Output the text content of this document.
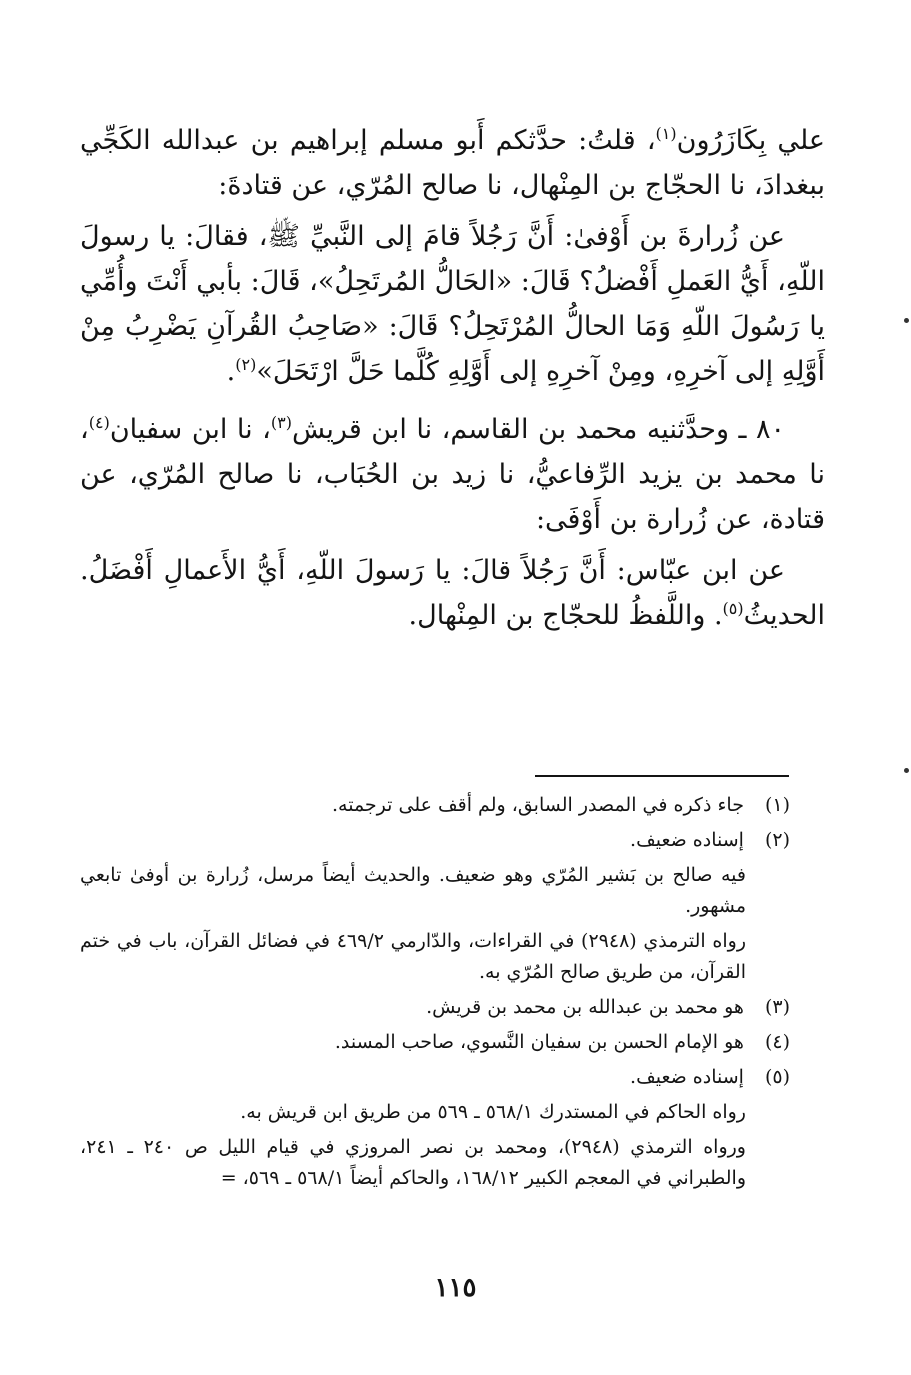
علي بِكَازَرُون$^{(١)}$، قلتُ: حدَّثكم أَبو مسلم إبراهيم بن عبدالله الكَجِّي ببغدادَ، نا الحجّاج بن المِنْهال، نا صالح المُرّي، عن قتادةَ:

عن زُرارةَ بن أَوْفىٰ: أَنَّ رَجُلاً قامَ إلى النَّبيِّ ﷺ، فقالَ: يا رسولَ اللّهِ، أَيُّ العَملِ أَفْضلُ؟ قَالَ: «الحَالُّ المُرتَحِلُ»، قَالَ: بأبي أَنْتَ وأُمِّي يا رَسُولَ اللّهِ وَمَا الحالُّ المُرْتَحِلُ؟ قَالَ: «صَاحِبُ القُرآنِ يَضْرِبُ مِنْ أَوَّلِهِ إلى آخرِهِ، ومِنْ آخرِهِ إلى أَوَّلِهِ كُلَّما حَلَّ ارْتَحَلَ»$^{(٢)}$.

٨٠ ـ وحدَّثنيه محمد بن القاسم، نا ابن قريش$^{(٣)}$، نا ابن سفيان$^{(٤)}$، نا محمد بن يزيد الرِّفاعيُّ، نا زيد بن الحُبَاب، نا صالح المُرّي، عن قتادة، عن زُرارة بن أَوْفَى:

عن ابن عبّاس: أَنَّ رَجُلاً قالَ: يا رَسولَ اللّهِ، أَيُّ الأَعمالِ أَفْضَلُ. الحديثُ$^{(٥)}$. واللَّفظُ للحجّاج بن المِنْهال.

(١) جاء ذكره في المصدر السابق، ولم أقف على ترجمته.
(٢) إسناده ضعيف.
فيه صالح بن بَشير المُرّي وهو ضعيف. والحديث أيضاً مرسل، زُرارة بن أوفىٰ تابعي مشهور.
رواه الترمذي (٢٩٤٨) في القراءات، والدّارمي ٤٦٩/٢ في فضائل القرآن، باب في ختم القرآن، من طريق صالح المُرّي به.
(٣) هو محمد بن عبدالله بن محمد بن قريش.
(٤) هو الإمام الحسن بن سفيان النَّسوي، صاحب المسند.
(٥) إسناده ضعيف.
رواه الحاكم في المستدرك ٥٦٨/١ ـ ٥٦٩ من طريق ابن قريش به.
ورواه الترمذي (٢٩٤٨)، ومحمد بن نصر المروزي في قيام الليل ص ٢٤٠ ـ ٢٤١، والطبراني في المعجم الكبير ١٦٨/١٢، والحاكم أيضاً ٥٦٨/١ ـ ٥٦٩، =
١١٥
